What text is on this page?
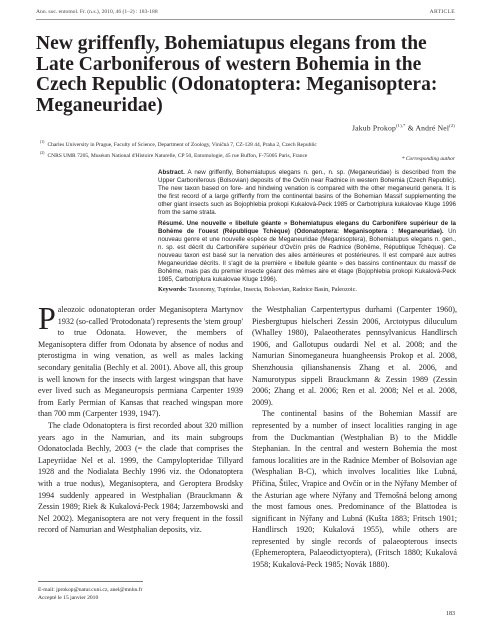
Ann. soc. entomol. Fr. (n.s.), 2010, 46 (1–2) : 183-188	ARTICLE
New griffenfly, Bohemiatupus elegans from the Late Carboniferous of western Bohemia in the Czech Republic (Odonatoptera: Meganisoptera: Meganeuridae)
Jakub Prokop$^{(1),*}$ & André Nel$^{(2)}$
$^{(1)}$ Charles University in Prague, Faculty of Science, Department of Zoology, Viničná 7, CZ-128 44, Praha 2, Czech Republic
$^{(2)}$ CNRS UMR 7205, Muséum National d'Histoire Naturelle, CP 50, Entomologie, 45 rue Buffon, F-75005 Paris, France
* Corresponding author

Abstract. A new griffenfly, Bohemiatupus elegans n. gen., n. sp. (Meganeuridae) is described from the Upper Carboniferous (Bolsovian) deposits of the Ovčín near Radnice in western Bohemia (Czech Republic). The new taxon based on fore- and hindwing venation is compared with the other meganeurid genera. It is the first record of a large griffenfly from the continental basins of the Bohemian Massif supplementing the other giant insects such as Bojophlebia prokopi Kukalová-Peck 1985 or Carbotriplura kukalovae Kluge 1996 from the same strata.

Résumé. Une nouvelle « libellule géante » Bohemiatupus elegans du Carbonifère supérieur de la Bohème de l'ouest (République Tchèque) (Odonatoptera: Meganisoptera : Meganeuridae). Un nouveau genre et une nouvelle espèce de Meganeuridae (Meganisoptera), Bohemiatupus elegans n. gen., n. sp. est décrit du Carbonifère supérieur d'Ovčín près de Radnice (Bohême, République Tchèque). Ce nouveau taxon est basé sur la nervation des ailes antérieures et postérieures. Il est comparé aux autres Meganeuridae décrits. Il s'agit de la première « libellule géante » des bassins continentaux du massif de Bohême, mais pas du premier insecte géant des mêmes aire et étage (Bojophlebia prokopi Kukalová-Peck 1985, Carbotriplura kukalovae Kluge 1996).

Keywords: Taxonomy, Tupindae, Insecta, Bolsovian, Radnice Basin, Paleozoic.

Paleozoic odonatopteran order Meganisoptera Martynov 1932 (so-called 'Protodonata') represents the 'stem group' to true Odonata. However, the members of Meganisoptera differ from Odonata by absence of nodus and pterostigma in wing venation, as well as males lacking secondary genitalia (Bechly et al. 2001). Above all, this group is well known for the insects with largest wingspan that have ever lived such as Meganeuropsis permiana Carpenter 1939 from Early Permian of Kansas that reached wingspan more than 700 mm (Carpenter 1939, 1947).

The clade Odonatoptera is first recorded about 320 million years ago in the Namurian, and its main subgroups Odonatoclada Bechly, 2003 (= the clade that comprises the Lapeyriidae Nel et al. 1999, the Campylopteridae Tillyard 1928 and the Nodialata Bechly 1996 viz. the Odonatoptera with a true nodus), Meganisoptera, and Geroptera Brodsky 1994 suddenly appeared in Westphalian (Brauckmann & Zessin 1989; Riek & Kukalová-Peck 1984; Jarzembowski and Nel 2002). Meganisoptera are not very frequent in the fossil record of Namurian and Westphalian deposits, viz.

the Westphalian Carpentertypus durhami (Carpenter 1960), Piesbergtupus hielscheri Zessin 2006, Arctotypus diluculum (Whalley 1980), Palaeotherates pennsylvanicus Handlirsch 1906, and Gallotupus oudardi Nel et al. 2008; and the Namurian Sinomeganeura huangheensis Prokop et al. 2008, Shenzhousia qilianshanensis Zhang et al. 2006, and Namurotypus sippeli Brauckmann & Zessin 1989 (Zessin 2006; Zhang et al. 2006; Ren et al. 2008; Nel et al. 2008, 2009).

The continental basins of the Bohemian Massif are represented by a number of insect localities ranging in age from the Duckmantian (Westphalian B) to the Middle Stephanian. In the central and western Bohemia the most famous localities are in the Radnice Member of Bolsovian age (Wesphalian B-C), which involves localities like Lubná, Příčina, Štilec, Vrapice and Ovčín or in the Nýřany Member of the Asturian age where Nýřany and Třemošná belong among the most famous ones. Predominance of the Blattodea is significant in Nýřany and Lubná (Kušta 1883; Fritsch 1901; Handlirsch 1920; Kukalová 1955), while others are represented by single records of palaeopterous insects (Ephemeroptera, Palaeodictyoptera), (Fritsch 1880; Kukalová 1958; Kukalová-Peck 1985; Novák 1880).

E-mail: jprokop@natur.cuni.cz, anel@mnhn.fr
Accepté le 15 janvier 2010
183
